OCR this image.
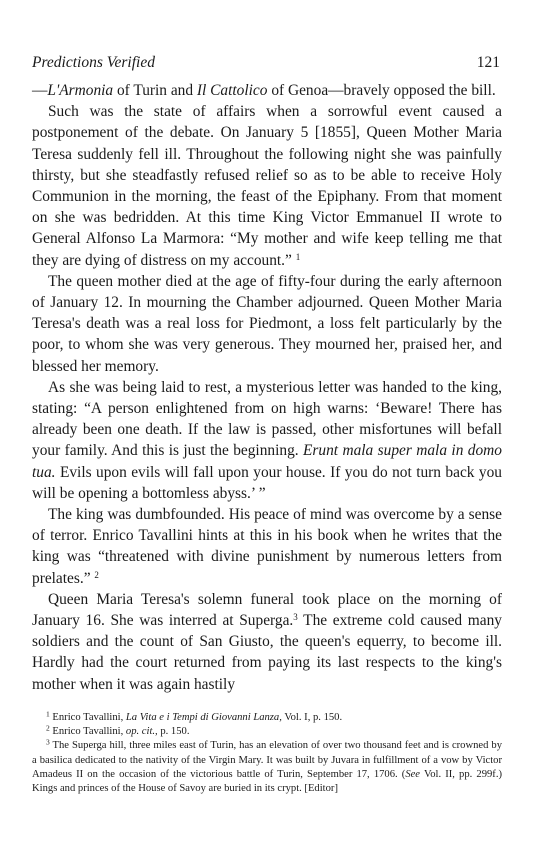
Predictions Verified	121

—L'Armonia of Turin and Il Cattolico of Genoa—bravely opposed the bill.

Such was the state of affairs when a sorrowful event caused a postponement of the debate. On January 5 [1855], Queen Mother Maria Teresa suddenly fell ill. Throughout the following night she was painfully thirsty, but she steadfastly refused relief so as to be able to receive Holy Communion in the morning, the feast of the Epiphany. From that moment on she was bedridden. At this time King Victor Emmanuel II wrote to General Alfonso La Marmora: “My mother and wife keep telling me that they are dying of distress on my account.” $^1$

The queen mother died at the age of fifty-four during the early afternoon of January 12. In mourning the Chamber adjourned. Queen Mother Maria Teresa's death was a real loss for Piedmont, a loss felt particularly by the poor, to whom she was very generous. They mourned her, praised her, and blessed her memory.

As she was being laid to rest, a mysterious letter was handed to the king, stating: “A person enlightened from on high warns: ‘Beware! There has already been one death. If the law is passed, other misfortunes will befall your family. And this is just the beginning. Erunt mala super mala in domo tua. Evils upon evils will fall upon your house. If you do not turn back you will be opening a bottomless abyss.’ ”

The king was dumbfounded. His peace of mind was overcome by a sense of terror. Enrico Tavallini hints at this in his book when he writes that the king was “threatened with divine punishment by numerous letters from prelates.” $^2$

Queen Maria Teresa's solemn funeral took place on the morning of January 16. She was interred at Superga.$^3$ The extreme cold caused many soldiers and the count of San Giusto, the queen's equerry, to become ill. Hardly had the court returned from paying its last respects to the king's mother when it was again hastily

$^1$ Enrico Tavallini, La Vita e i Tempi di Giovanni Lanza, Vol. I, p. 150.
$^2$ Enrico Tavallini, op. cit., p. 150.
$^3$ The Superga hill, three miles east of Turin, has an elevation of over two thousand feet and is crowned by a basilica dedicated to the nativity of the Virgin Mary. It was built by Juvara in fulfillment of a vow by Victor Amadeus II on the occasion of the victorious battle of Turin, September 17, 1706. (See Vol. II, pp. 299f.) Kings and princes of the House of Savoy are buried in its crypt. [Editor]
